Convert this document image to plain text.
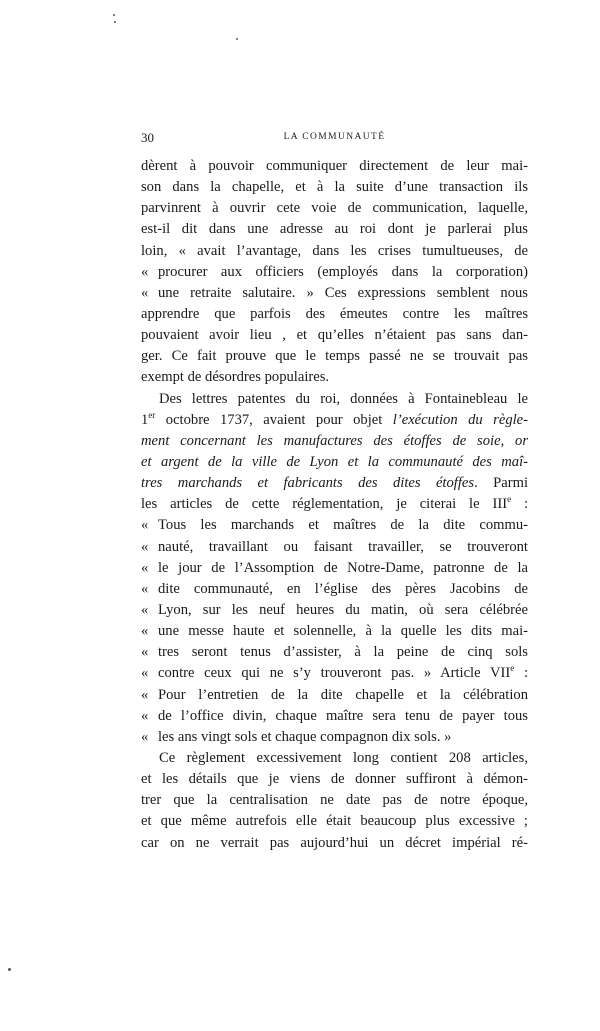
30	LA COMMUNAUTÉ
dèrent à pouvoir communiquer directement de leur mai-
son dans la chapelle, et à la suite d’une transaction ils
parvinrent à ouvrir cete voie de communication, laquelle,
est-il dit dans une adresse au roi dont je parlerai plus
loin, « avait l’avantage, dans les crises tumultueuses, de
« procurer aux officiers (employés dans la corporation)
« une retraite salutaire. » Ces expressions semblent nous
apprendre que parfois des émeutes contre les maîtres
pouvaient avoir lieu , et qu’elles n’étaient pas sans dan-
ger. Ce fait prouve que le temps passé ne se trouvait pas
exempt de désordres populaires.
Des lettres patentes du roi, données à Fontainebleau le
1er octobre 1737, avaient pour objet l’exécution du règle-
ment concernant les manufactures des étoffes de soie, or
et argent de la ville de Lyon et la communauté des maî-
tres marchands et fabricants des dites étoffes. Parmi
les articles de cette réglementation, je citerai le IIIe :
« Tous les marchands et maîtres de la dite commu-
« nauté, travaillant ou faisant travailler, se trouveront
« le jour de l’Assomption de Notre-Dame, patronne de la
« dite communauté, en l’église des pères Jacobins de
« Lyon, sur les neuf heures du matin, où sera célébrée
« une messe haute et solennelle, à la quelle les dits mai-
« tres seront tenus d’assister, à la peine de cinq sols
« contre ceux qui ne s’y trouveront pas. » Article VIIe :
« Pour l’entretien de la dite chapelle et la célébration
« de l’office divin, chaque maître sera tenu de payer tous
« les ans vingt sols et chaque compagnon dix sols. »
Ce règlement excessivement long contient 208 articles,
et les détails que je viens de donner suffiront à démon-
trer que la centralisation ne date pas de notre époque,
et que même autrefois elle était beaucoup plus excessive ;
car on ne verrait pas aujourd’hui un décret impérial ré-
